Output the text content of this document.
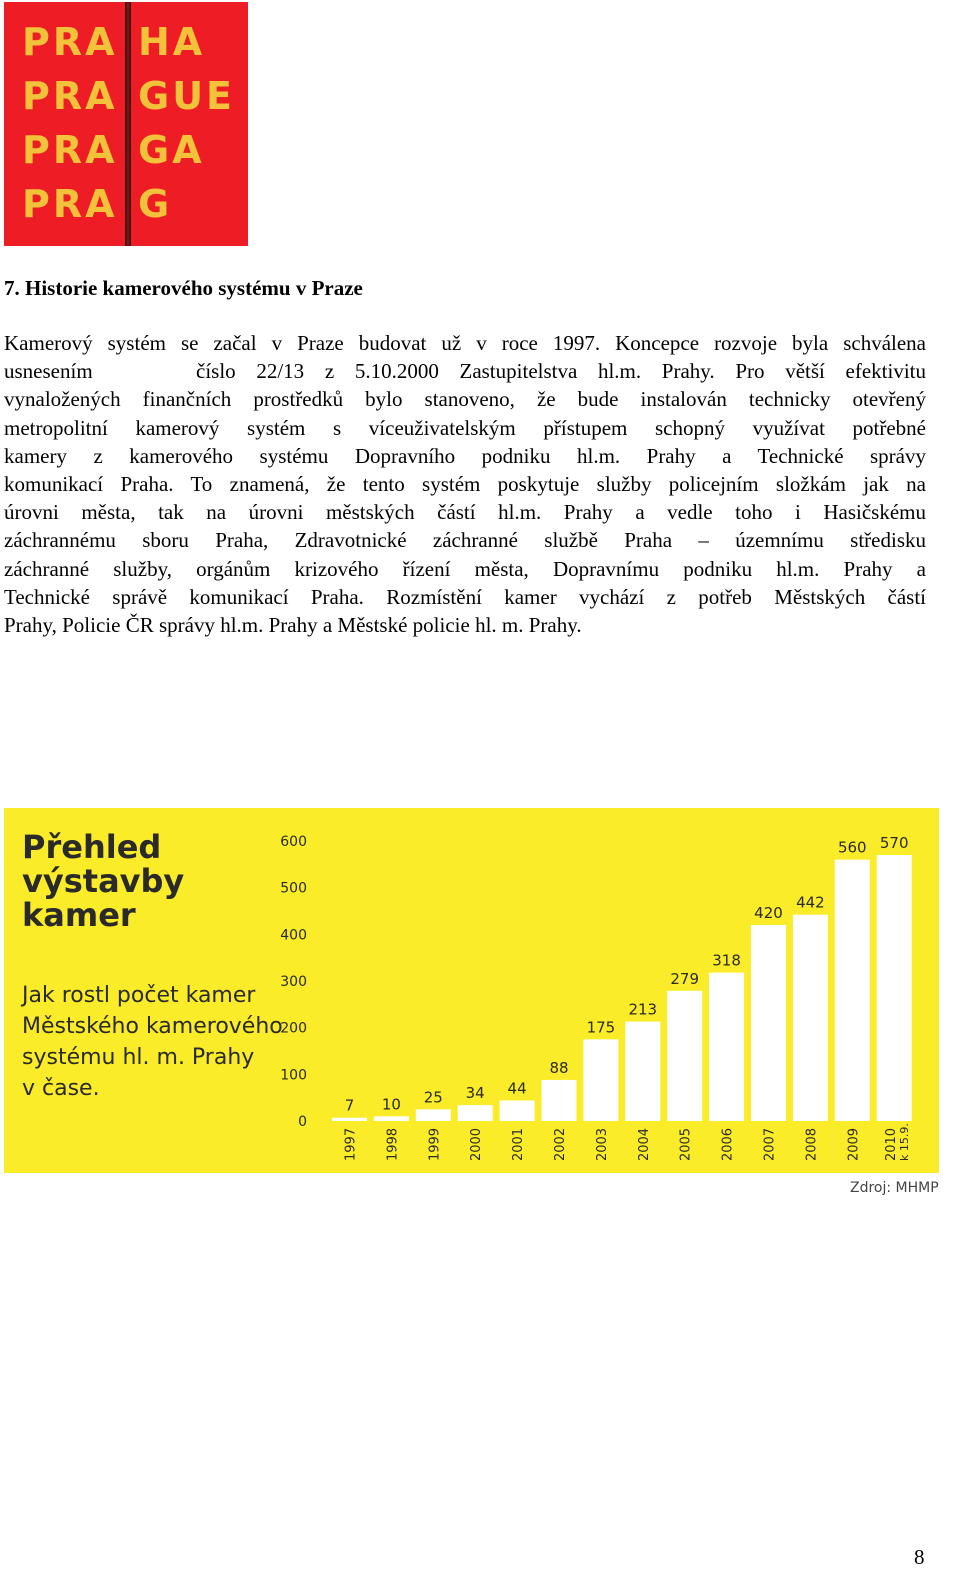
PRA HA
PRA GUE
PRA GA
PRA G
7. Historie kamerového systému v Praze
Kamerový systém se začal v Praze budovat už v roce 1997. Koncepce rozvoje byla schválena
usnesením     číslo 22/13 z 5.10.2000 Zastupitelstva hl.m. Prahy. Pro větší efektivitu
vynaložených finančních prostředků bylo stanoveno, že bude instalován technicky otevřený
metropolitní kamerový systém s víceuživatelským přístupem schopný využívat potřebné
kamery z kamerového systému Dopravního podniku hl.m. Prahy a Technické správy
komunikací Praha. To znamená, že tento systém poskytuje služby policejním složkám jak na
úrovni města, tak na úrovni městských částí hl.m. Prahy a vedle toho i Hasičskému
záchrannému sboru Praha, Zdravotnické záchranné službě Praha – územnímu středisku
záchranné služby, orgánům krizového řízení města, Dopravnímu podniku hl.m. Prahy a
Technické správě komunikací Praha. Rozmístění kamer vychází z potřeb Městských částí
Prahy, Policie ČR správy hl.m. Prahy a Městské policie hl. m. Prahy.
Přehled
výstavby
kamer

Jak rostl počet kamer
Městského kamerového
systému hl. m. Prahy
v čase.

0
100
200
300
400
500
600
7
1997
10
1998
25
1999
34
2000
44
2001
88
2002
175
2003
213
2004
279
2005
318
2006
420
2007
442
2008
560
2009
570
2010 k 15.9.
Zdroj: MHMP
8
